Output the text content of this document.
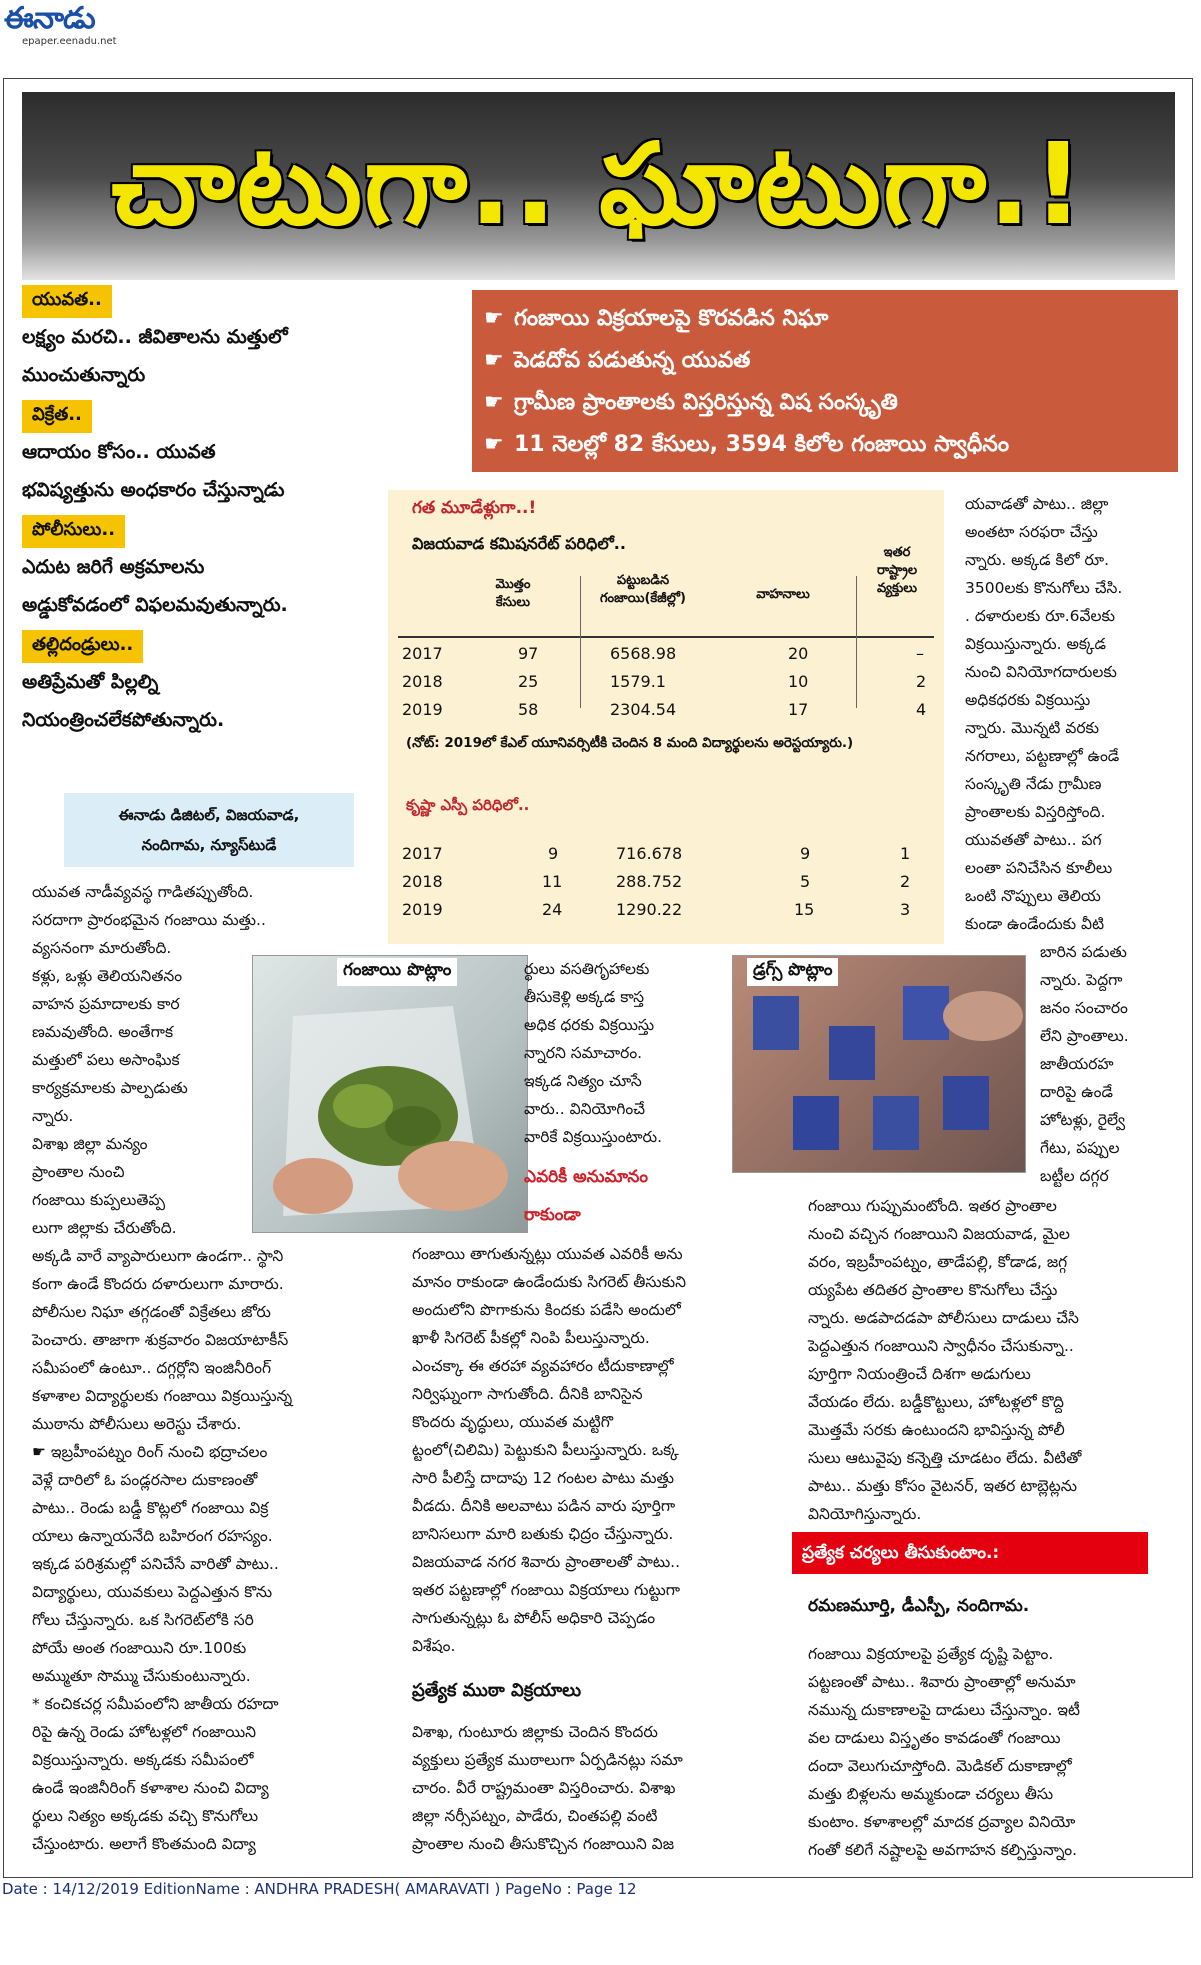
ఈనాడు
epaper.eenadu.net
చాటుగా.. ఘాటుగా.!
యువత..
లక్ష్యం మరచి.. జీవితాలను మత్తులో
ముంచుతున్నారు
విక్రేత..
ఆదాయం కోసం.. యువత
భవిష్యత్తును అంధకారం చేస్తున్నాడు
పోలీసులు..
ఎదుట జరిగే అక్రమాలను
అడ్డుకోవడంలో విఫలమవుతున్నారు.
తల్లిదండ్రులు..
అతిప్రేమతో పిల్లల్ని
నియంత్రించలేకపోతున్నారు.
☛ గంజాయి విక్రయాలపై కొరవడిన నిఘా
☛ పెడదోవ పడుతున్న యువత
☛ గ్రామీణ ప్రాంతాలకు విస్తరిస్తున్న విష సంస్కృతి
☛ 11 నెలల్లో 82 కేసులు, 3594 కిలోల గంజాయి స్వాధీనం
ఈనాడు డిజిటల్, విజయవాడ,
నందిగామ, న్యూస్‌టుడే
గత మూడేళ్లుగా..!
విజయవాడ కమిషనరేట్ పరిధిలో..
మొత్తం కేసులు
పట్టుబడిన గంజాయి(కేజీల్లో)	వాహనాలు
ఇతర రాష్ట్రాల వ్యక్తులు
2017	97	6568.98	20	–
2018	25	1579.1	10	2
2019	58	2304.54	17	4
(నోట్: 2019లో కేఎల్ యూనివర్సిటీకి చెందిన 8 మంది విద్యార్థులను అరెస్టయ్యారు.)
కృష్ణా ఎస్పీ పరిధిలో..
2017	9	716.678	9	1
2018	11	288.752	5	2
2019	24	1290.22	15	3
గంజాయి పొట్లాం	డ్రగ్స్ పొట్లాం
యువత నాడీవ్యవస్థ గాడితప్పుతోంది.
సరదాగా ప్రారంభమైన గంజాయి మత్తు..
వ్యసనంగా మారుతోంది.
కళ్లు, ఒళ్లు తెలియనితనం
వాహన ప్రమాదాలకు కార
ణమవుతోంది. అంతేగాక
మత్తులో పలు అసాంఘిక
కార్యక్రమాలకు పాల్పడుతు
న్నారు.
విశాఖ జిల్లా మన్యం
ప్రాంతాల నుంచి
గంజాయి కుప్పలుతెప్ప
లుగా జిల్లాకు చేరుతోంది.
అక్కడి వారే వ్యాపారులుగా ఉండగా.. స్థాని
కంగా ఉండే కొందరు దళారులుగా మారారు.
పోలీసుల నిఘా తగ్గడంతో విక్రేతలు జోరు
పెంచారు. తాజాగా శుక్రవారం విజయాటాకీస్
సమీపంలో ఉంటూ.. దగ్గర్లోని ఇంజినీరింగ్
కళాశాల విద్యార్థులకు గంజాయి విక్రయిస్తున్న
ముఠాను పోలీసులు అరెస్టు చేశారు.
☛ ఇబ్రహీంపట్నం రింగ్ నుంచి భద్రాచలం
వెళ్లే దారిలో ఓ పండ్లరసాల దుకాణంతో
పాటు.. రెండు బడ్డీ కొట్లలో గంజాయి విక్ర
యాలు ఉన్నాయనేది బహిరంగ రహస్యం.
ఇక్కడ పరిశ్రమల్లో పనిచేసే వారితో పాటు..
విద్యార్థులు, యువకులు పెద్దఎత్తున కొను
గోలు చేస్తున్నారు. ఒక సిగరెట్‌లోకి సరి
పోయే అంత గంజాయిని రూ.100కు
అమ్ముతూ సొమ్ము చేసుకుంటున్నారు.
* కంచికచర్ల సమీపంలోని జాతీయ రహదా
రిపై ఉన్న రెండు హోటళ్లలో గంజాయిని
విక్రయిస్తున్నారు. అక్కడకు సమీపంలో
ఉండే ఇంజినీరింగ్ కళాశాల నుంచి విద్యా
ర్థులు నిత్యం అక్కడకు వచ్చి కొనుగోలు
చేస్తుంటారు. అలాగే కొంతమంది విద్యా
ర్థులు వసతిగృహాలకు
తీసుకెళ్లి అక్కడ కాస్త
అధిక ధరకు విక్రయిస్తు
న్నారని సమాచారం.
ఇక్కడ నిత్యం చూసే
వారు.. వినియోగించే
వారికే విక్రయిస్తుంటారు.
ఎవరికీ అనుమానం
రాకుండా
గంజాయి తాగుతున్నట్లు యువత ఎవరికీ అను
మానం రాకుండా ఉండేందుకు సిగరెట్ తీసుకుని
అందులోని పొగాకును కిందకు పడేసి అందులో
ఖాళీ సిగరెట్ పీకల్లో నింపి పీలుస్తున్నారు.
ఎంచక్కా ఈ తరహా వ్యవహారం టీదుకాణాల్లో
నిర్విఘ్నంగా సాగుతోంది. దీనికి బానిసైన
కొందరు వృద్ధులు, యువత మట్టిగొ
ట్టంలో(చిలిమి) పెట్టుకుని పీలుస్తున్నారు. ఒక్క
సారి పీలిస్తే దాదాపు 12 గంటల పాటు మత్తు
వీడదు. దీనికి అలవాటు పడిన వారు పూర్తిగా
బానిసలుగా మారి బతుకు ఛిద్రం చేస్తున్నారు.
విజయవాడ నగర శివారు ప్రాంతాలతో పాటు..
ఇతర పట్టణాల్లో గంజాయి విక్రయాలు గుట్టుగా
సాగుతున్నట్లు ఓ పోలీస్ అధికారి చెప్పడం
విశేషం.
ప్రత్యేక ముఠా విక్రయాలు
విశాఖ, గుంటూరు జిల్లాకు చెందిన కొందరు
వ్యక్తులు ప్రత్యేక ముఠాలుగా ఏర్పడినట్లు సమా
చారం. వీరే రాష్ట్రమంతా విస్తరించారు. విశాఖ
జిల్లా నర్సీపట్నం, పాడేరు, చింతపల్లి వంటి
ప్రాంతాల నుంచి తీసుకొచ్చిన గంజాయిని విజ
యవాడతో పాటు.. జిల్లా
అంతటా సరఫరా చేస్తు
న్నారు. అక్కడ కిలో రూ.
3500లకు కొనుగోలు చేసి.
. దళారులకు రూ.6వేలకు
విక్రయిస్తున్నారు. అక్కడ
నుంచి వినియోగదారులకు
అధికధరకు విక్రయిస్తు
న్నారు. మొన్నటి వరకు
నగరాలు, పట్టణాల్లో ఉండే
సంస్కృతి నేడు గ్రామీణ
ప్రాంతాలకు విస్తరిస్తోంది.
యువతతో పాటు.. పగ
లంతా పనిచేసిన కూలీలు
ఒంటి నొప్పులు తెలియ
కుండా ఉండేందుకు వీటి
బారిన పడుతు
న్నారు. పెద్దగా
జనం సంచారం
లేని ప్రాంతాలు.
జాతీయరహ
దారిపై ఉండే
హోటళ్లు, రైల్వే
గేటు, పప్పుల
బట్టీల దగ్గర
గంజాయి గుప్పుమంటోంది. ఇతర ప్రాంతాల
నుంచి వచ్చిన గంజాయిని విజయవాడ, మైల
వరం, ఇబ్రహీంపట్నం, తాడేపల్లి, కోడాడ, జగ్గ
య్యపేట తదితర ప్రాంతాల కొనుగోలు చేస్తు
న్నారు. అడపాదడపా పోలీసులు దాడులు చేసి
పెద్దఎత్తున గంజాయిని స్వాధీనం చేసుకున్నా..
పూర్తిగా నియంత్రించే దిశగా అడుగులు
వేయడం లేదు. బడ్డీకొట్టులు, హోటళ్లలో కొద్ది
మొత్తమే సరకు ఉంటుందని భావిస్తున్న పోలీ
సులు ఆటువైపు కన్నెత్తి చూడటం లేదు. వీటితో
పాటు.. మత్తు కోసం వైటనర్, ఇతర టాబ్లెట్లను
వినియోగిస్తున్నారు.
ప్రత్యేక చర్యలు తీసుకుంటాం.:
రమణమూర్తి, డీఎస్పీ, నందిగామ.
గంజాయి విక్రయాలపై ప్రత్యేక దృష్టి పెట్టాం.
పట్టణంతో పాటు.. శివారు ప్రాంతాల్లో అనుమా
నమున్న దుకాణాలపై దాడులు చేస్తున్నాం. ఇటీ
వల దాడులు విస్తృతం కావడంతో గంజాయి
దందా వెలుగుచూస్తోంది. మెడికల్ దుకాణాల్లో
మత్తు బిళ్లలను అమ్మకుండా చర్యలు తీసు
కుంటాం. కళాశాలల్లో మాదక ద్రవ్యాల వినియో
గంతో కలిగే నష్టాలపై అవగాహన కల్పిస్తున్నాం.
Date : 14/12/2019 EditionName : ANDHRA PRADESH( AMARAVATI ) PageNo : Page 12
